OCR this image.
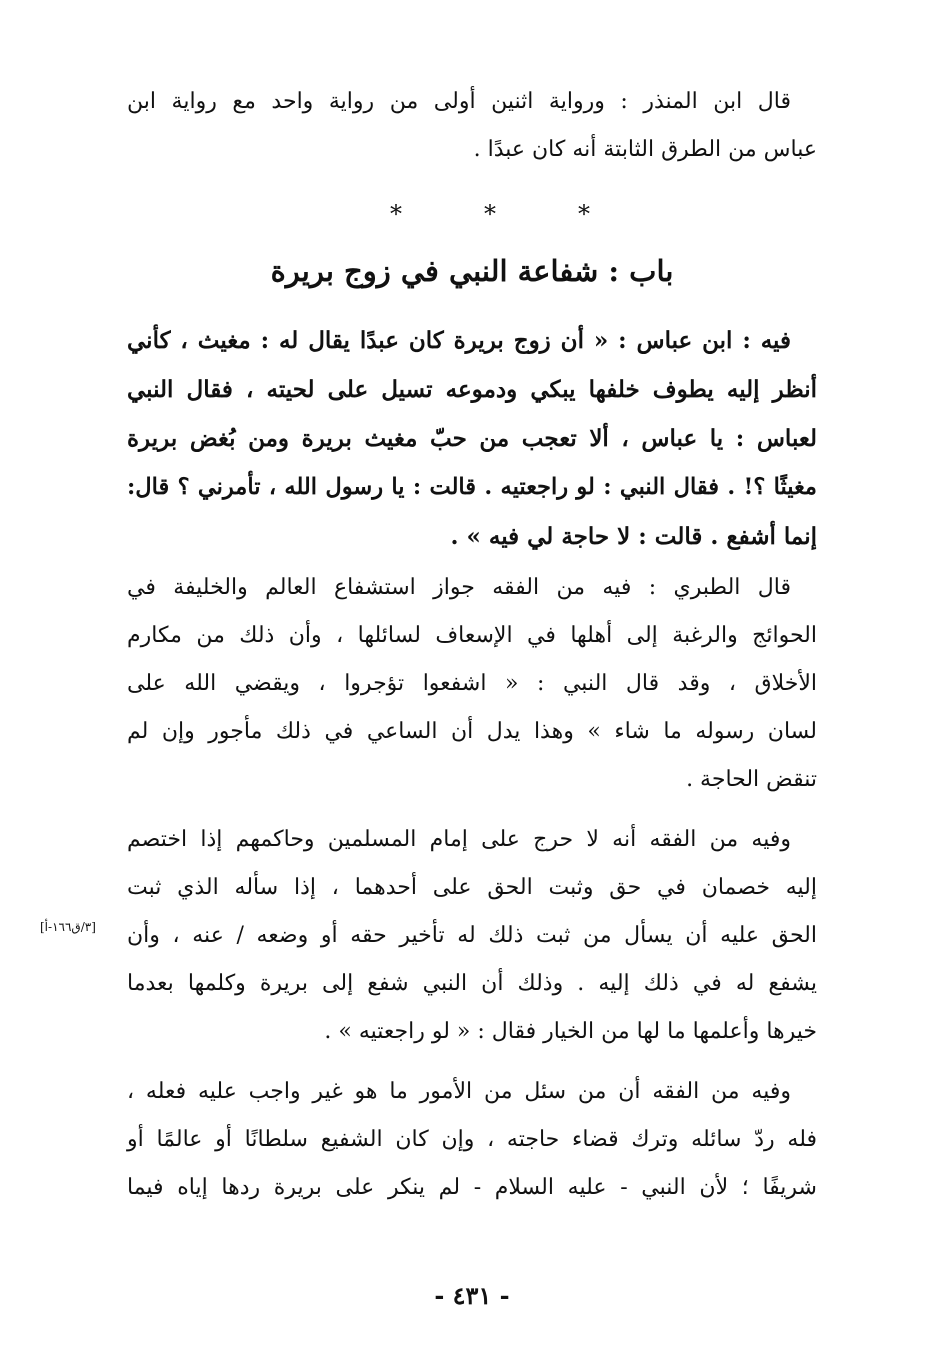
قال ابن المنذر : ورواية اثنين أولى من رواية واحد مع رواية ابن
عباس من الطرق الثابتة أنه كان عبدًا .
*	*	*
باب : شفاعة النبي في زوج بريرة
فيه : ابن عباس : « أن زوج بريرة كان عبدًا يقال له : مغيث ، كأني
أنظر إليه يطوف خلفها يبكي ودموعه تسيل على لحيته ، فقال النبي
لعباس : يا عباس ، ألا تعجب من حبّ مغيث بريرة ومن بُغض بريرة
مغيثًا ؟! . فقال النبي : لو راجعتيه . قالت : يا رسول الله ، تأمرني ؟ قال:
إنما أشفع . قالت : لا حاجة لي فيه » .
قال الطبري : فيه من الفقه جواز استشفاع العالم والخليفة في
الحوائج والرغبة إلى أهلها في الإسعاف لسائلها ، وأن ذلك من مكارم
الأخلاق ، وقد قال النبي : « اشفعوا تؤجروا ، ويقضي الله على
لسان رسوله ما شاء » وهذا يدل أن الساعي في ذلك مأجور وإن لم
تنقض الحاجة .
وفيه من الفقه أنه لا حرج على إمام المسلمين وحاكمهم إذا اختصم
إليه خصمان في حق وثبت الحق على أحدهما ، إذا سأله الذي ثبت
الحق عليه أن يسأل من ثبت ذلك له تأخير حقه أو وضعه / عنه ، وأن
يشفع له في ذلك إليه . وذلك أن النبي شفع إلى بريرة وكلمها بعدما
خيرها وأعلمها ما لها من الخيار فقال : « لو راجعتيه » .
[٣/ق١٦٦-أ]
وفيه من الفقه أن من سئل من الأمور ما هو غير واجب عليه فعله ،
فله ردّ سائله وترك قضاء حاجته ، وإن كان الشفيع سلطانًا أو عالمًا أو
شريفًا ؛ لأن النبي - عليه السلام - لم ينكر على بريرة ردها إياه فيما
- ٤٣١ -
